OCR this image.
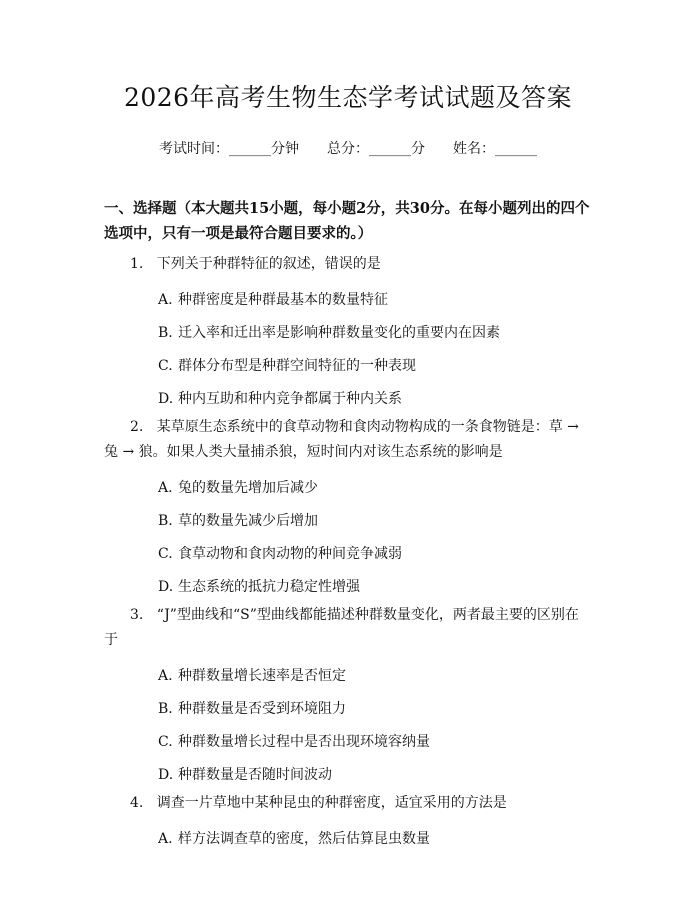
2026年高考生物生态学考试试题及答案
考试时间：______分钟 总分：______分 姓名：______
一、选择题（本大题共15小题，每小题2分，共30分。在每小题列出的四个选项中，只有一项是最符合题目要求的。）
1. 下列关于种群特征的叙述，错误的是
A. 种群密度是种群最基本的数量特征
B. 迁入率和迁出率是影响种群数量变化的重要内在因素
C. 群体分布型是种群空间特征的一种表现
D. 种内互助和种内竞争都属于种内关系
2. 某草原生态系统中的食草动物和食肉动物构成的一条食物链是：草 → 兔 → 狼。如果人类大量捕杀狼，短时间内对该生态系统的影响是
A. 兔的数量先增加后减少
B. 草的数量先减少后增加
C. 食草动物和食肉动物的种间竞争减弱
D. 生态系统的抵抗力稳定性增强
3. “J”型曲线和“S”型曲线都能描述种群数量变化，两者最主要的区别在于
A. 种群数量增长速率是否恒定
B. 种群数量是否受到环境阻力
C. 种群数量增长过程中是否出现环境容纳量
D. 种群数量是否随时间波动
4. 调查一片草地中某种昆虫的种群密度，适宜采用的方法是
A. 样方法调查草的密度，然后估算昆虫数量
